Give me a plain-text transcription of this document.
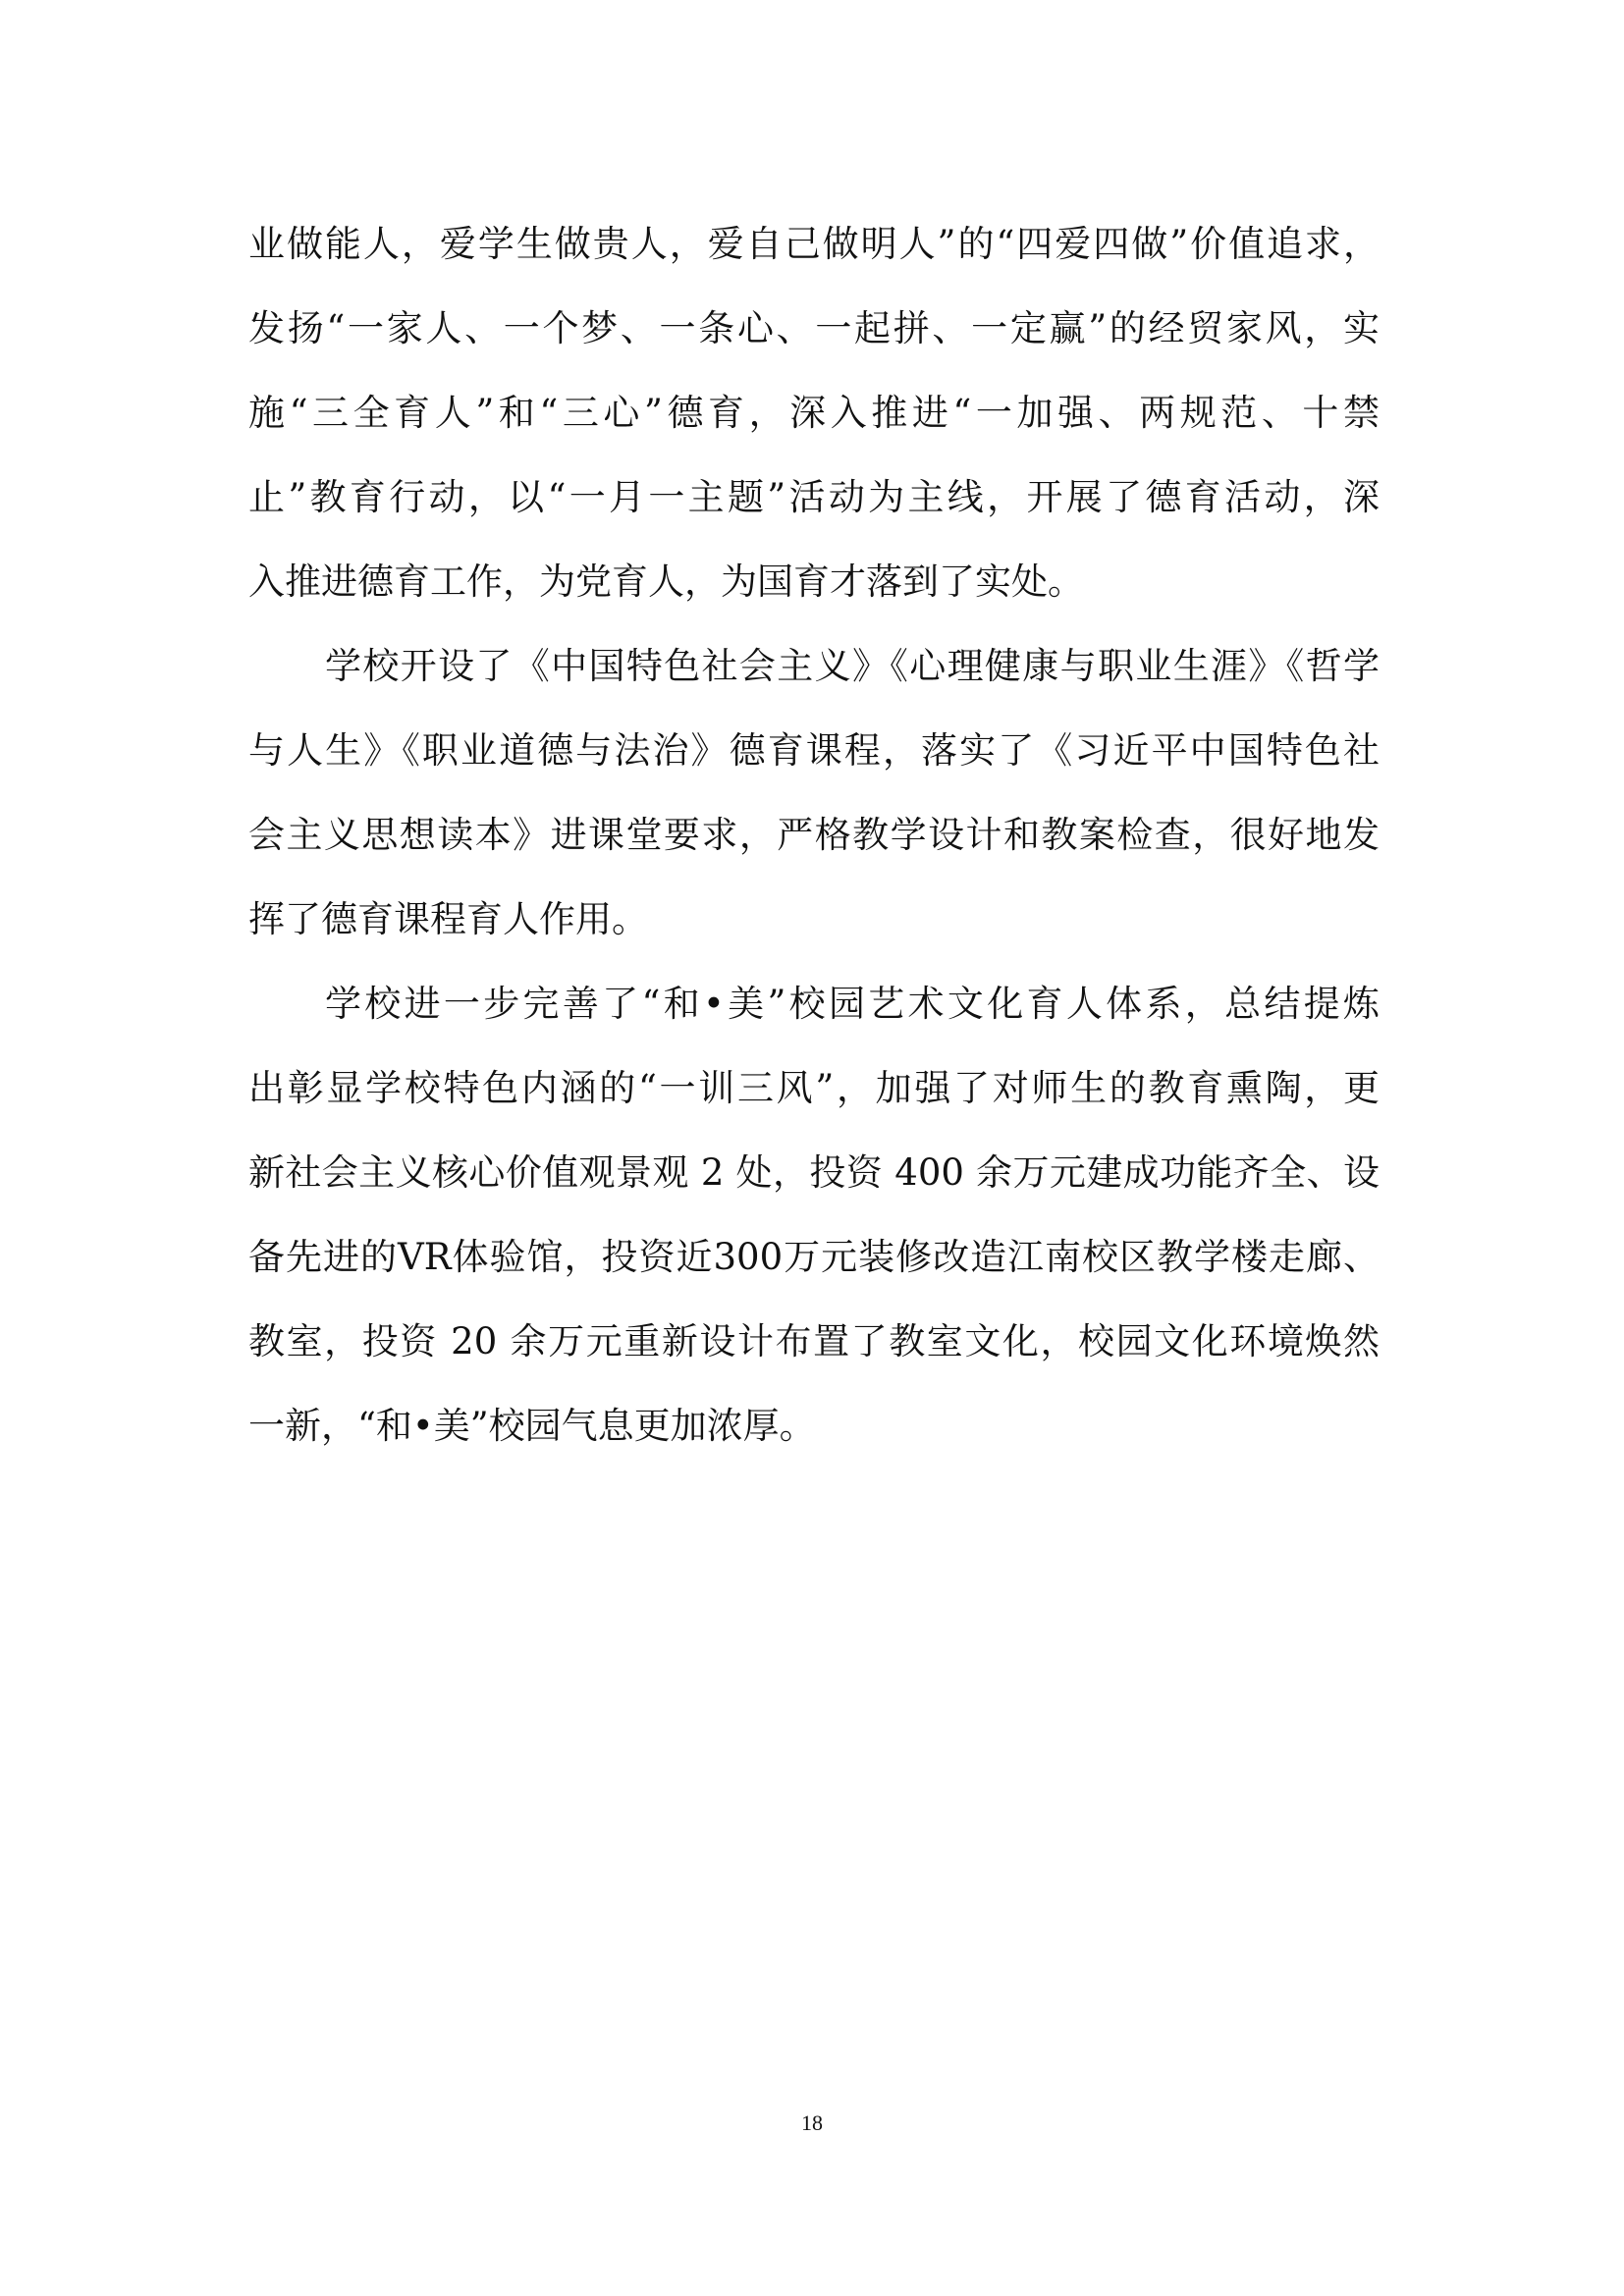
业做能人，爱学生做贵人，爱自己做明人”的“四爱四做”价值追求，
发扬“一家人、一个梦、一条心、一起拼、一定赢”的经贸家风，实
施“三全育人”和“三心”德育，深入推进“一加强、两规范、十禁
止”教育行动，以“一月一主题”活动为主线，开展了德育活动，深
入推进德育工作，为党育人，为国育才落到了实处。
学校开设了《中国特色社会主义》《心理健康与职业生涯》《哲学
与人生》《职业道德与法治》德育课程，落实了《习近平中国特色社
会主义思想读本》进课堂要求，严格教学设计和教案检查，很好地发
挥了德育课程育人作用。
学校进一步完善了“和•美”校园艺术文化育人体系，总结提炼
出彰显学校特色内涵的“一训三风”，加强了对师生的教育熏陶，更
新社会主义核心价值观景观 2 处，投资 400 余万元建成功能齐全、设
备先进的VR体验馆，投资近300万元装修改造江南校区教学楼走廊、
教室，投资 20 余万元重新设计布置了教室文化，校园文化环境焕然
一新，“和•美”校园气息更加浓厚。
18
